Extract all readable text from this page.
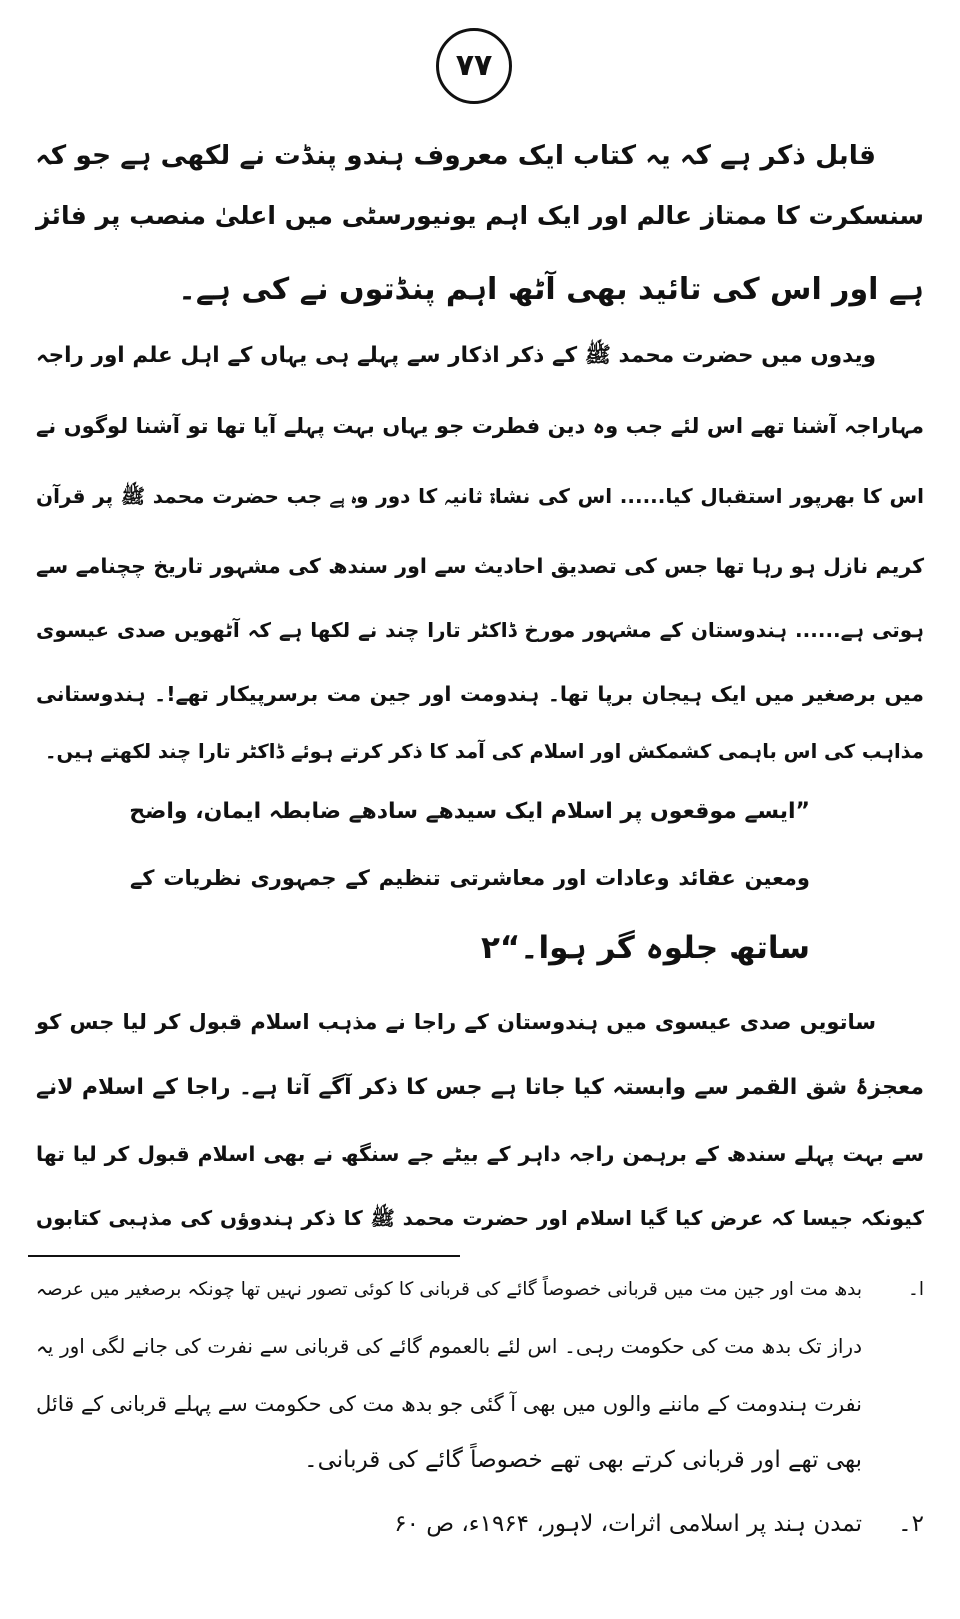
۷۷
قابل ذکر ہے کہ یہ کتاب ایک معروف ہندو پنڈت نے لکھی ہے جو کہ
سنسکرت کا ممتاز عالم اور ایک اہم یونیورسٹی میں اعلیٰ منصب پر فائز
ہے اور اس کی تائید بھی آٹھ اہم پنڈتوں نے کی ہے۔
ویدوں میں حضرت محمد ﷺ کے ذکر اذکار سے پہلے ہی یہاں کے اہل علم اور راجہ
مہاراجہ آشنا تھے اس لئے جب وہ دین فطرت جو یہاں بہت پہلے آیا تھا تو آشنا لوگوں نے
اس کا بھرپور استقبال کیا...... اس کی نشاۃ ثانیہ کا دور وہ ہے جب حضرت محمد ﷺ پر قرآن
کریم نازل ہو رہا تھا جس کی تصدیق احادیث سے اور سندھ کی مشہور تاریخ چچنامے سے
ہوتی ہے...... ہندوستان کے مشہور مورخ ڈاکٹر تارا چند نے لکھا ہے کہ آٹھویں صدی عیسوی
میں برصغیر میں ایک ہیجان برپا تھا۔ ہندومت اور جین مت برسرپیکار تھے!۔ ہندوستانی
مذاہب کی اس باہمی کشمکش اور اسلام کی آمد کا ذکر کرتے ہوئے ڈاکٹر تارا چند لکھتے ہیں۔
”ایسے موقعوں پر اسلام ایک سیدھے سادھے ضابطہ ایمان، واضح
ومعین عقائد وعادات اور معاشرتی تنظیم کے جمہوری نظریات کے
ساتھ جلوہ گر ہوا۔“۲
ساتویں صدی عیسوی میں ہندوستان کے راجا نے مذہب اسلام قبول کر لیا جس کو
معجزۂ شق القمر سے وابستہ کیا جاتا ہے جس کا ذکر آگے آتا ہے۔ راجا کے اسلام لانے
سے بہت پہلے سندھ کے برہمن راجہ داہر کے بیٹے جے سنگھ نے بھی اسلام قبول کر لیا تھا
کیونکہ جیسا کہ عرض کیا گیا اسلام اور حضرت محمد ﷺ کا ذکر ہندوؤں کی مذہبی کتابوں
ا۔بدھ مت اور جین مت میں قربانی خصوصاً گائے کی قربانی کا کوئی تصور نہیں تھا چونکہ برصغیر میں عرصہ
دراز تک بدھ مت کی حکومت رہی۔ اس لئے بالعموم گائے کی قربانی سے نفرت کی جانے لگی اور یہ
نفرت ہندومت کے ماننے والوں میں بھی آ گئی جو بدھ مت کی حکومت سے پہلے قربانی کے قائل
بھی تھے اور قربانی کرتے بھی تھے خصوصاً گائے کی قربانی۔
۲۔تمدن ہند پر اسلامی اثرات، لاہور، ۱۹۶۴ء، ص ۶۰
